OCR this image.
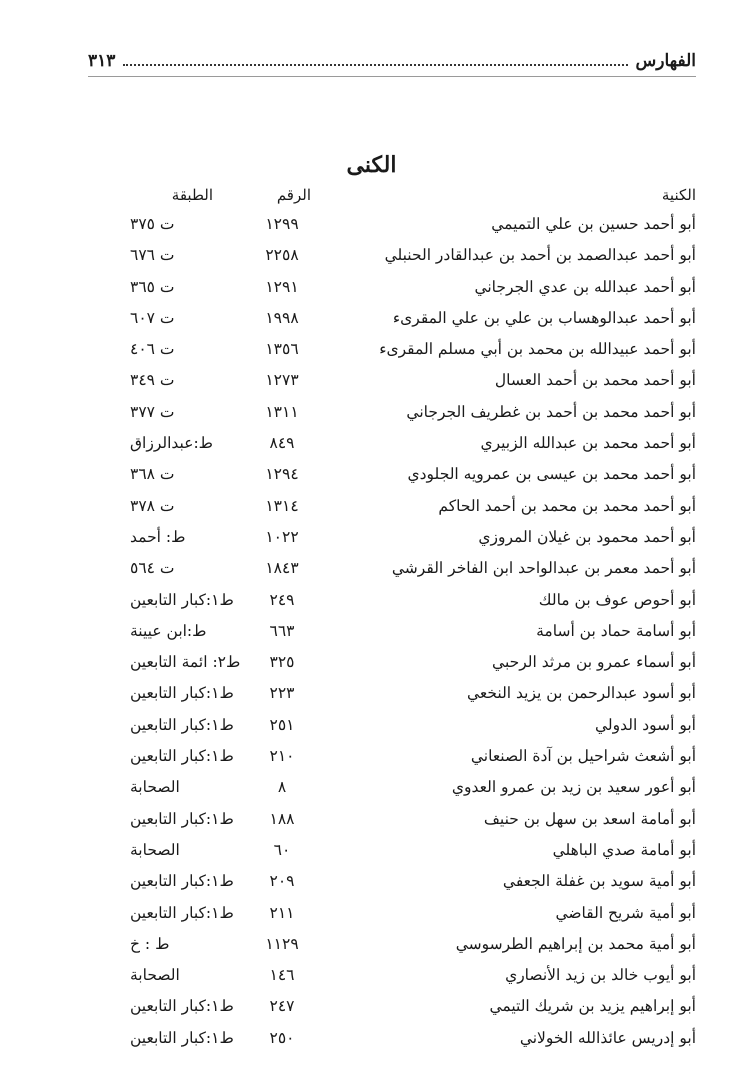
الفهارس
٣١٣
الكنى
الكنية
الرقم
الطبقة
أبو أحمد حسين بن علي التميمي
١٢٩٩
ت ٣٧٥
أبو أحمد عبدالصمد بن أحمد بن عبدالقادر الحنبلي
٢٢٥٨
ت ٦٧٦
أبو أحمد عبدالله بن عدي الجرجاني
١٢٩١
ت ٣٦٥
أبو أحمد عبدالوهساب بن علي بن علي المقرىء
١٩٩٨
ت ٦٠٧
أبو أحمد عبيدالله بن محمد بن أبي مسلم المقرىء
١٣٥٦
ت ٤٠٦
أبو أحمد محمد بن أحمد العسال
١٢٧٣
ت ٣٤٩
أبو أحمد محمد بن أحمد بن غطريف الجرجاني
١٣١١
ت ٣٧٧
أبو أحمد محمد بن عبدالله الزبيري
٨٤٩
ط:عبدالرزاق
أبو أحمد محمد بن عيسى بن عمرويه الجلودي
١٢٩٤
ت ٣٦٨
أبو أحمد محمد بن محمد بن أحمد الحاكم
١٣١٤
ت ٣٧٨
أبو أحمد محمود بن غيلان المروزي
١٠٢٢
ط: أحمد
أبو أحمد معمر بن عبدالواحد ابن الفاخر القرشي
١٨٤٣
ت ٥٦٤
أبو أحوص عوف بن مالك
٢٤٩
ط١:كبار التابعين
أبو أسامة حماد بن أسامة
٦٦٣
ط:ابن عيينة
أبو أسماء عمرو بن مرثد الرحبي
٣٢٥
ط٢: ائمة التابعين
أبو أسود عبدالرحمن بن يزيد النخعي
٢٢٣
ط١:كبار التابعين
أبو أسود الدولي
٢٥١
ط١:كبار التابعين
أبو أشعث شراحيل بن آدة الصنعاني
٢١٠
ط١:كبار التابعين
أبو أعور سعيد بن زيد بن عمرو العدوي
٨
الصحابة
أبو أمامة اسعد بن سهل بن حنيف
١٨٨
ط١:كبار التابعين
أبو أمامة صدي الباهلي
٦٠
الصحابة
أبو أمية سويد بن غفلة الجعفي
٢٠٩
ط١:كبار التابعين
أبو أمية شريح القاضي
٢١١
ط١:كبار التابعين
أبو أمية محمد بن إبراهيم الطرسوسي
١١٢٩
ط : خ
أبو أيوب خالد بن زيد الأنصاري
١٤٦
الصحابة
أبو إبراهيم يزيد بن شريك التيمي
٢٤٧
ط١:كبار التابعين
أبو إدريس عائذالله الخولاني
٢٥٠
ط١:كبار التابعين
